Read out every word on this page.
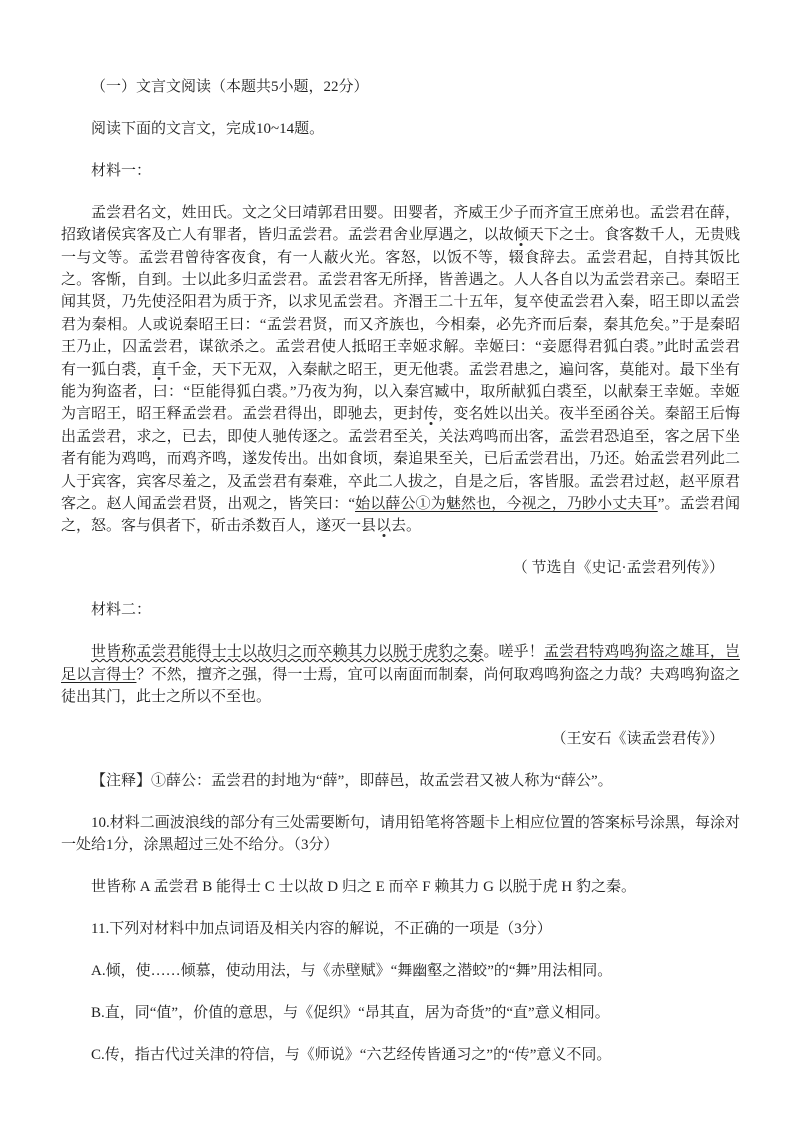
（一）文言文阅读（本题共5小题，22分）

阅读下面的文言文，完成10~14题。

材料一：

孟尝君名文，姓田氏。文之父曰靖郭君田婴。田婴者，齐威王少子而齐宣王庶弟也。孟尝君在薛，招致诸侯宾客及亡人有罪者，皆归孟尝君。孟尝君舍业厚遇之，以故倾天下之士。食客数千人，无贵贱一与文等。孟尝君曾待客夜食，有一人蔽火光。客怒，以饭不等，辍食辞去。孟尝君起，自持其饭比之。客惭，自到。士以此多归孟尝君。孟尝君客无所择，皆善遇之。人人各自以为孟尝君亲己。秦昭王闻其贤，乃先使泾阳君为质于齐，以求见孟尝君。齐湣王二十五年，复卒使孟尝君入秦，昭王即以孟尝君为秦相。人或说秦昭王曰：“孟尝君贤，而又齐族也，今相秦，必先齐而后秦，秦其危矣。”于是秦昭王乃止，囚孟尝君，谋欲杀之。孟尝君使人抵昭王幸姬求解。幸姬曰：“妾愿得君狐白裘。”此时孟尝君有一狐白裘，直千金，天下无双，入秦献之昭王，更无他裘。孟尝君患之，遍问客，莫能对。最下坐有能为狗盗者，曰：“臣能得狐白裘。”乃夜为狗，以入秦宫臧中，取所献狐白裘至，以献秦王幸姬。幸姬为言昭王，昭王释孟尝君。孟尝君得出，即驰去，更封传，变名姓以出关。夜半至函谷关。秦韶王后悔出孟尝君，求之，已去，即使人驰传逐之。孟尝君至关，关法鸡鸣而出客，孟尝君恐追至，客之居下坐者有能为鸡鸣，而鸡齐鸣，遂发传出。出如食顷，秦追果至关，已后孟尝君出，乃还。始孟尝君列此二人于宾客，宾客尽羞之，及孟尝君有秦难，卒此二人拔之，自是之后，客皆服。孟尝君过赵，赵平原君客之。赵人闻孟尝君贤，出观之，皆笑曰：“始以薛公①为魅然也，今视之，乃眇小丈夫耳”。孟尝君闻之，怒。客与俱者下，斫击杀数百人，遂灭一县以去。

（ 节选自《史记·孟尝君列传》）

材料二：

世皆称孟尝君能得士士以故归之而卒赖其力以脱于虎豹之秦。嗟乎！孟尝君特鸡鸣狗盗之雄耳，岂足以言得士？不然，擅齐之强，得一士焉，宜可以南面而制秦，尚何取鸡鸣狗盗之力哉？夫鸡鸣狗盗之徒出其门，此士之所以不至也。

（王安石《读孟尝君传》）

【注释】①薛公：孟尝君的封地为“薛”，即薛邑，故孟尝君又被人称为“薛公”。

10.材料二画波浪线的部分有三处需要断句，请用铅笔将答题卡上相应位置的答案标号涂黑，每涂对一处给1分，涂黑超过三处不给分。（3分）

世皆称 A 孟尝君 B 能得士 C 士以故 D 归之 E 而卒 F 赖其力 G 以脱于虎 H 豹之秦。

11.下列对材料中加点词语及相关内容的解说，不正确的一项是（3分）

A.倾，使……倾慕，使动用法，与《赤壁赋》“舞幽壑之潜蛟”的“舞”用法相同。

B.直，同“值”，价值的意思，与《促织》“昂其直，居为奇货”的“直”意义相同。

C.传，指古代过关津的符信，与《师说》“六艺经传皆通习之”的“传”意义不同。
